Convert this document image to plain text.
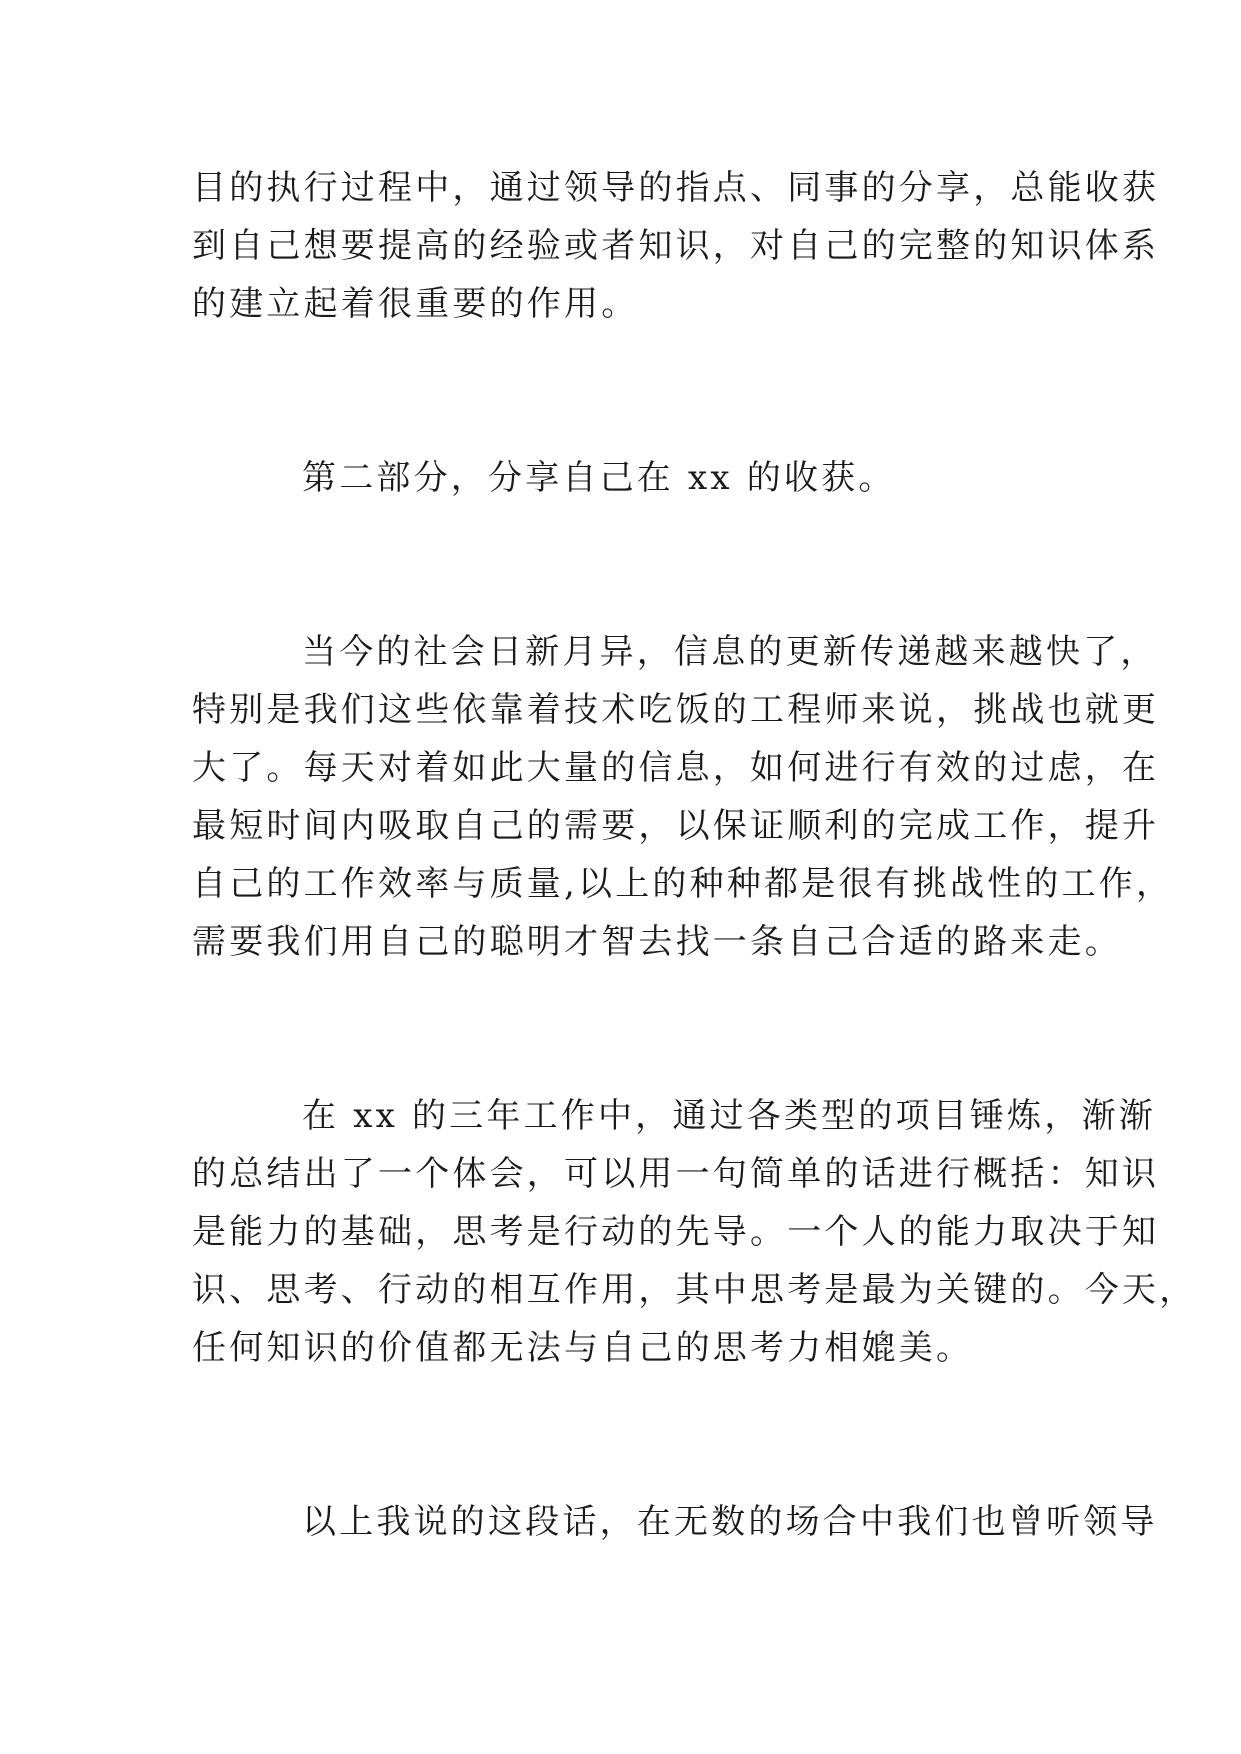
目的执行过程中，通过领导的指点、同事的分享，总能收获
到自己想要提高的经验或者知识，对自己的完整的知识体系
的建立起着很重要的作用。
第二部分，分享自己在 xx 的收获。
当今的社会日新月异，信息的更新传递越来越快了，
特别是我们这些依靠着技术吃饭的工程师来说，挑战也就更
大了。每天对着如此大量的信息，如何进行有效的过虑，在
最短时间内吸取自己的需要，以保证顺利的完成工作，提升
自己的工作效率与质量,以上的种种都是很有挑战性的工作，
需要我们用自己的聪明才智去找一条自己合适的路来走。
在 xx 的三年工作中，通过各类型的项目锤炼，渐渐
的总结出了一个体会，可以用一句简单的话进行概括：知识
是能力的基础，思考是行动的先导。一个人的能力取决于知
识、思考、行动的相互作用，其中思考是最为关键的。今天，
任何知识的价值都无法与自己的思考力相媲美。
以上我说的这段话，在无数的场合中我们也曾听领导
